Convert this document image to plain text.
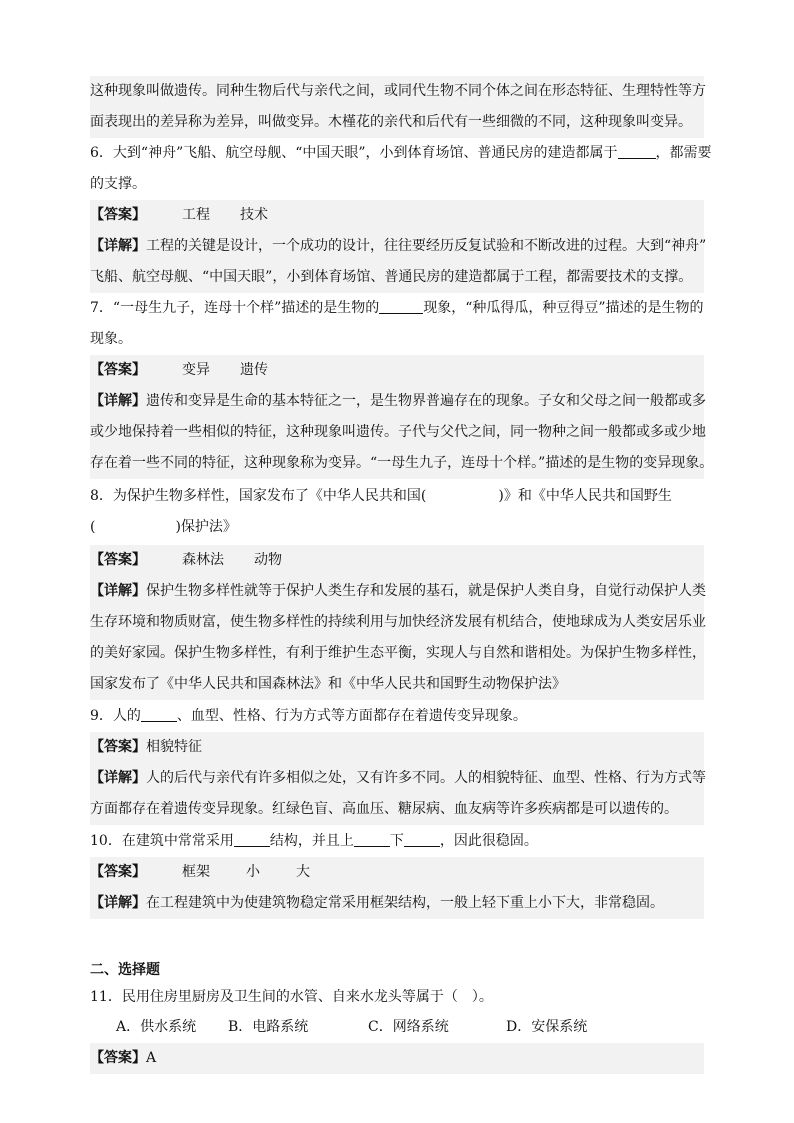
这种现象叫做遗传。同种生物后代与亲代之间，或同代生物不同个体之间在形态特征、生理特性等方
面表现出的差异称为差异，叫做变异。木槿花的亲代和后代有一些细微的不同，这种现象叫变异。
6．大到“神舟”飞船、航空母舰、“中国天眼”，小到体育场馆、普通民房的建造都属于	，都需要
的支撑。
【答案】	工程 技术
【详解】工程的关键是设计，一个成功的设计，往往要经历反复试验和不断改进的过程。大到“神舟”
飞船、航空母舰、“中国天眼”，小到体育场馆、普通民房的建造都属于工程，都需要技术的支撑。
7．“一母生九子，连母十个样”描述的是生物的	现象，“种瓜得瓜，种豆得豆”描述的是生物的
现象。
【答案】	变异 遗传
【详解】遗传和变异是生命的基本特征之一，是生物界普遍存在的现象。子女和父母之间一般都或多
或少地保持着一些相似的特征，这种现象叫遗传。子代与父代之间，同一物种之间一般都或多或少地
存在着一些不同的特征，这种现象称为变异。“一母生九子，连母十个样。”描述的是生物的变异现象。
8．为保护生物多样性，国家发布了《中华人民共和国(	)》和《中华人民共和国野生
(	)保护法》
【答案】	森林法 动物
【详解】保护生物多样性就等于保护人类生存和发展的基石，就是保护人类自身，自觉行动保护人类
生存环境和物质财富，使生物多样性的持续利用与加快经济发展有机结合，使地球成为人类安居乐业
的美好家园。保护生物多样性，有利于维护生态平衡，实现人与自然和谐相处。为保护生物多样性，
国家发布了《中华人民共和国森林法》和《中华人民共和国野生动物保护法》
9．人的	、血型、性格、行为方式等方面都存在着遗传变异现象。
【答案】相貌特征
【详解】人的后代与亲代有许多相似之处，又有许多不同。人的相貌特征、血型、性格、行为方式等
方面都存在着遗传变异现象。红绿色盲、高血压、糖尿病、血友病等许多疾病都是可以遗传的。
10．在建筑中常常采用	结构，并且上	下	，因此很稳固。
【答案】	框架	小	大
【详解】在工程建筑中为使建筑物稳定常采用框架结构，一般上轻下重上小下大，非常稳固。
二、选择题
11．民用住房里厨房及卫生间的水管、自来水龙头等属于（　）。
A．供水系统 B．电路系统	C．网络系统	D．安保系统
【答案】A
